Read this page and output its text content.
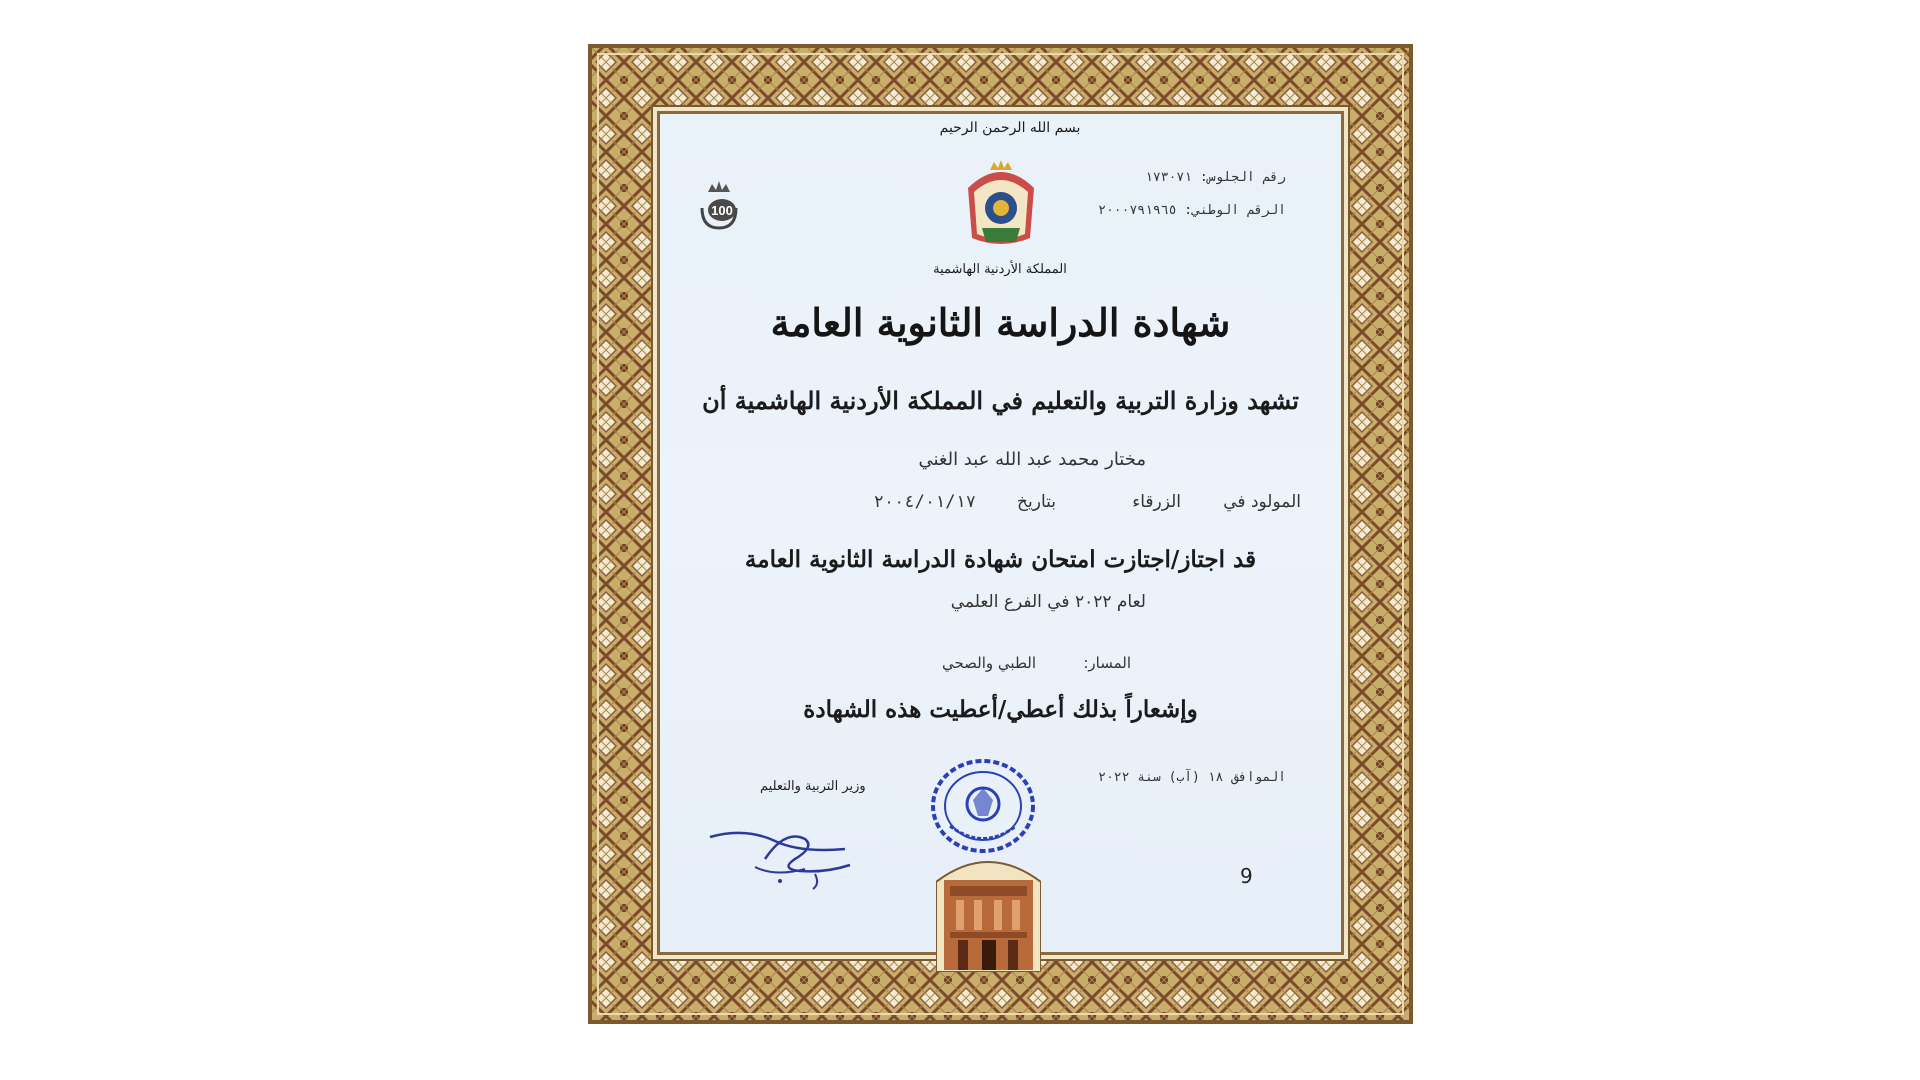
بسم الله الرحمن الرحيم
رقم الجلوس: ١٧٣٠٧١
الرقم الوطني: ٢٠٠٠٧٩١٩٦٥
100
المملكة الأردنية الهاشمية
شهادة الدراسة الثانوية العامة
تشهد وزارة التربية والتعليم في المملكة الأردنية الهاشمية أن
مختار محمد عبد الله عبد الغني
المولود في
الزرقاء
بتاريخ
٢٠٠٤/٠١/١٧
قد اجتاز/اجتازت امتحان شهادة الدراسة الثانوية العامة
لعام ٢٠٢٢ في الفرع العلمي
المسار:
الطبي والصحي
وإشعاراً بذلك أعطي/أعطيت هذه الشهادة
الموافق ١٨ (آب) سنة ٢٠٢٢
وزير التربية والتعليم
9
